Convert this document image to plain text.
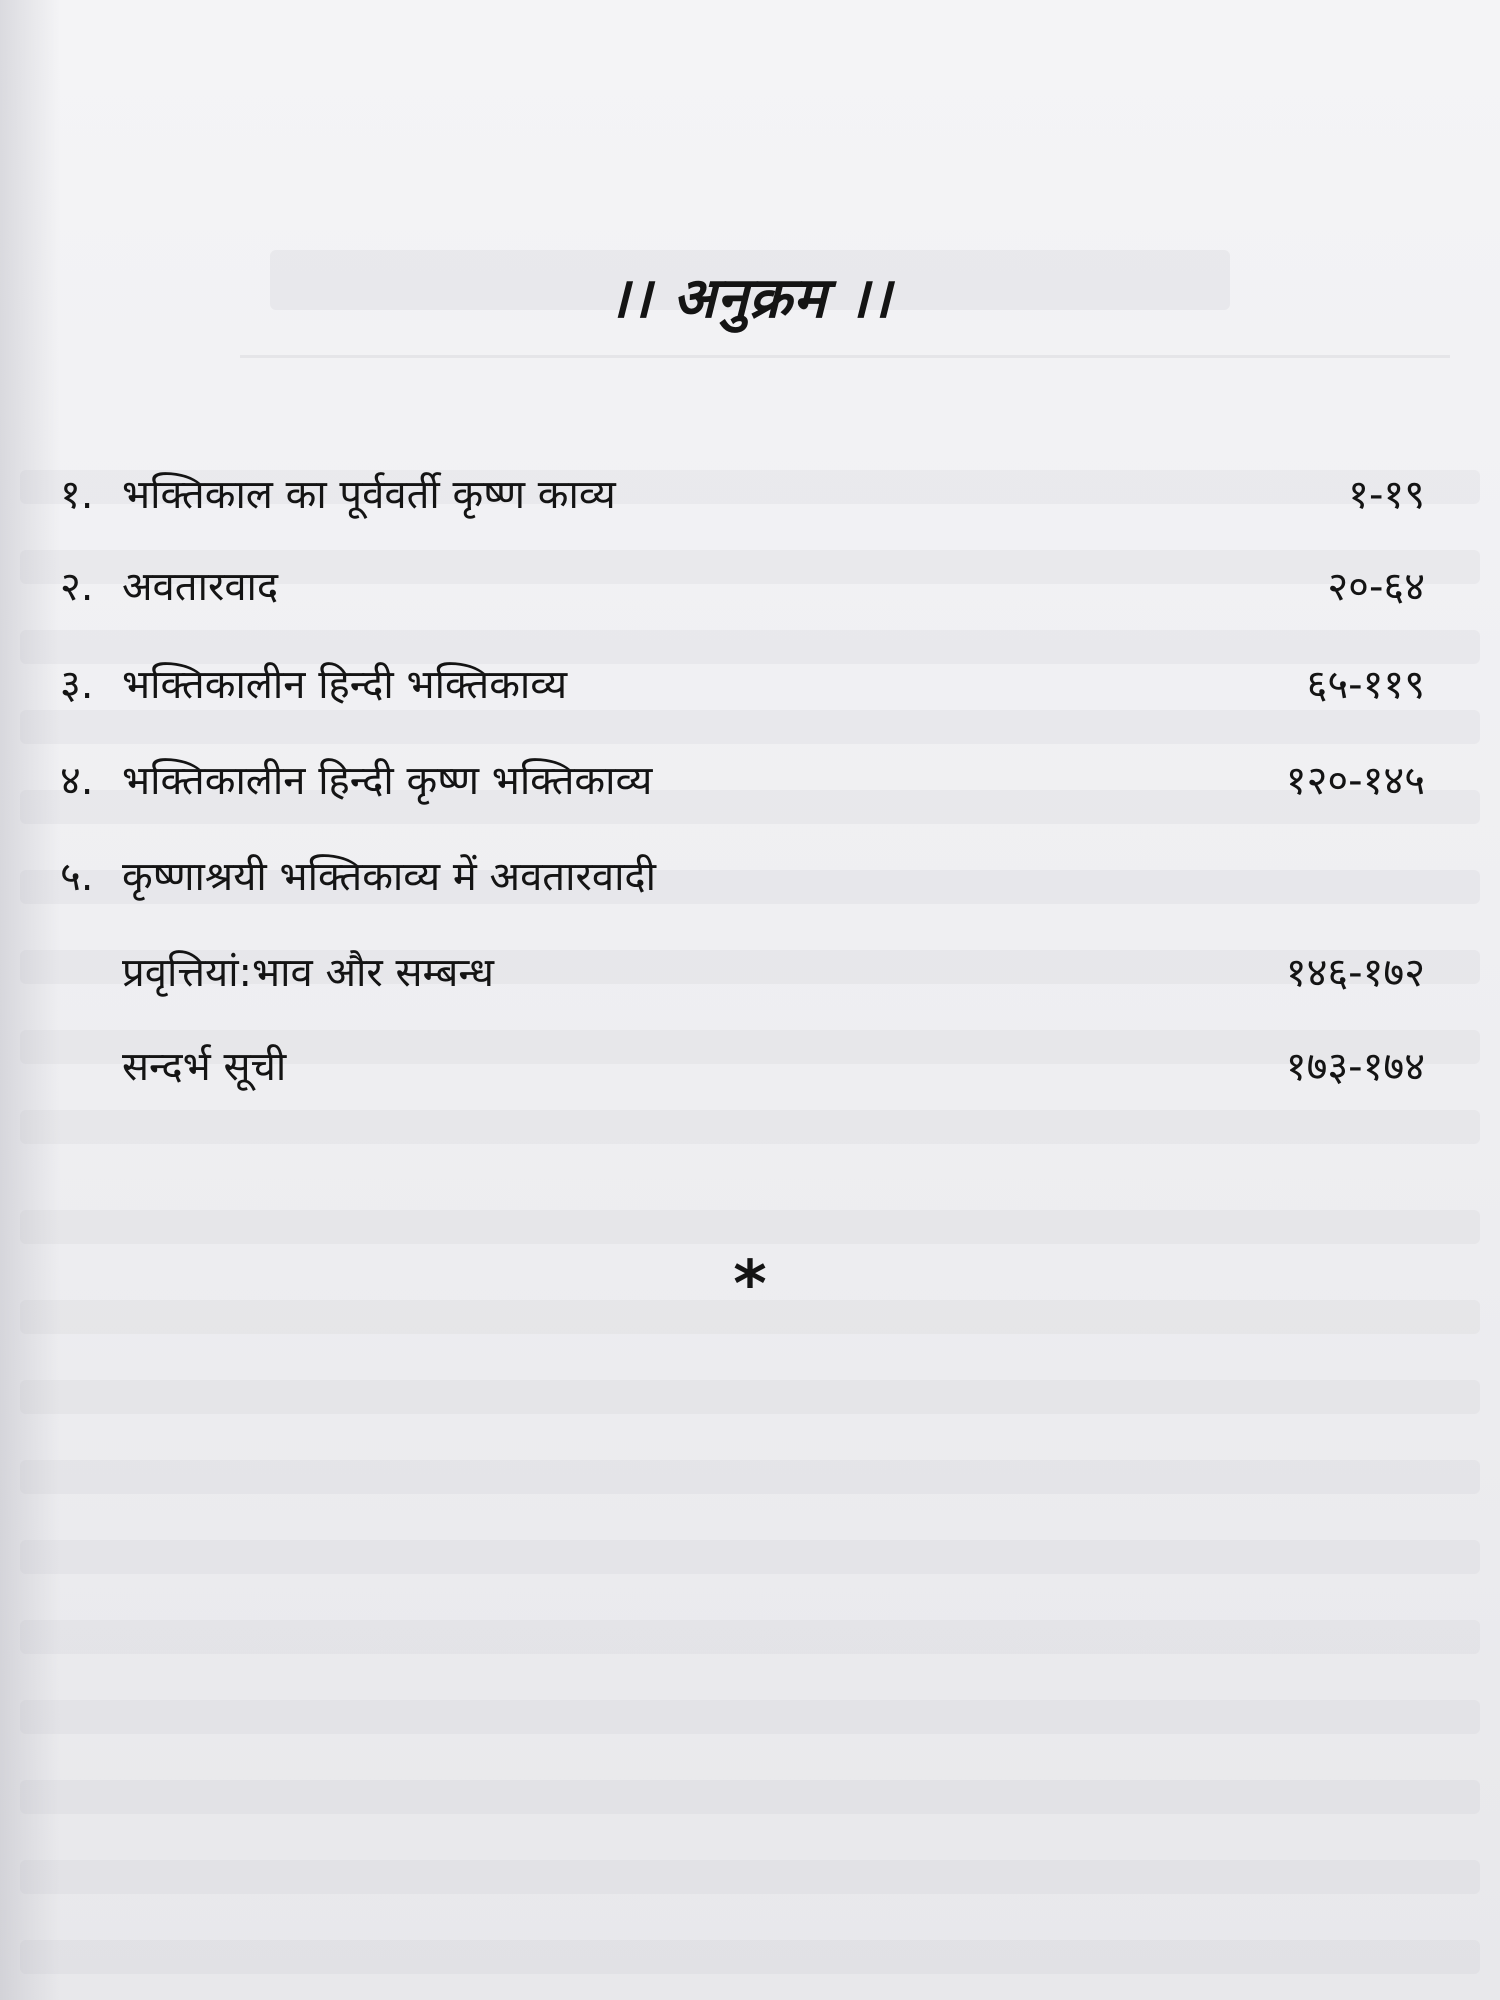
।। अनुक्रम ।।
१. भक्तिकाल का पूर्ववर्ती कृष्ण काव्य	१-१९
२. अवतारवाद	२०-६४
३. भक्तिकालीन हिन्दी भक्तिकाव्य	६५-११९
४. भक्तिकालीन हिन्दी कृष्ण भक्तिकाव्य	१२०-१४५
५. कृष्णाश्रयी भक्तिकाव्य में अवतारवादी
प्रवृत्तियां:भाव और सम्बन्ध	१४६-१७२
सन्दर्भ सूची	१७३-१७४
*
